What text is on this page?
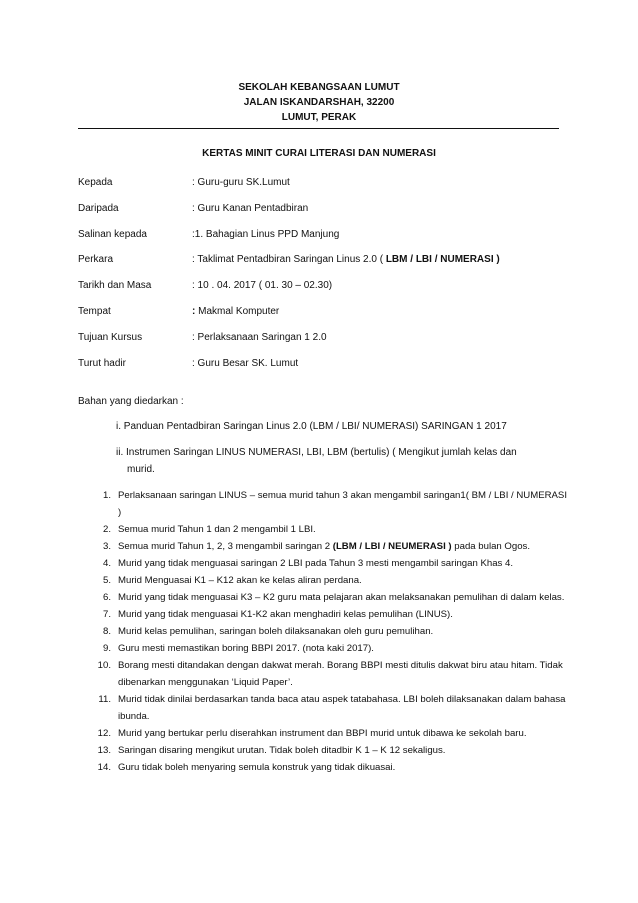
SEKOLAH KEBANGSAAN LUMUT
JALAN ISKANDARSHAH, 32200
LUMUT, PERAK
KERTAS MINIT CURAI LITERASI DAN NUMERASI
Kepada	: Guru-guru SK.Lumut
Daripada	: Guru Kanan Pentadbiran
Salinan kepada	:1. Bahagian Linus PPD Manjung
Perkara	: Taklimat Pentadbiran Saringan Linus 2.0 ( LBM / LBI / NUMERASI )
Tarikh dan Masa	: 10 . 04. 2017 ( 01. 30 – 02.30)
Tempat	: Makmal Komputer
Tujuan Kursus	: Perlaksanaan Saringan 1 2.0
Turut hadir	: Guru Besar SK. Lumut
Bahan yang diedarkan :
i. Panduan Pentadbiran Saringan Linus 2.0 (LBM / LBI/ NUMERASI) SARINGAN 1 2017
ii. Instrumen Saringan LINUS NUMERASI, LBI, LBM (bertulis) ( Mengikut jumlah kelas dan
murid.
1. Perlaksanaan saringan LINUS – semua murid tahun 3 akan mengambil saringan1( BM / LBI / NUMERASI )
2. Semua murid Tahun 1 dan 2 mengambil 1 LBI.
3. Semua murid Tahun 1, 2, 3 mengambil saringan 2 (LBM / LBI / NEUMERASI ) pada bulan Ogos.
4. Murid yang tidak menguasai saringan 2 LBI pada Tahun 3 mesti mengambil saringan Khas 4.
5. Murid Menguasai K1 – K12 akan ke kelas aliran perdana.
6. Murid yang tidak menguasai K3 – K2 guru mata pelajaran akan melaksanakan pemulihan di dalam kelas.
7. Murid yang tidak menguasai K1-K2 akan menghadiri kelas pemulihan (LINUS).
8. Murid kelas pemulihan, saringan boleh dilaksanakan oleh guru pemulihan.
9. Guru mesti memastikan boring BBPI 2017. (nota kaki 2017).
10. Borang mesti ditandakan dengan dakwat merah. Borang BBPI mesti ditulis dakwat biru atau hitam. Tidak dibenarkan menggunakan ‘Liquid Paper’.
11. Murid tidak dinilai berdasarkan tanda baca atau aspek tatabahasa. LBI boleh dilaksanakan dalam bahasa ibunda.
12. Murid yang bertukar perlu diserahkan instrument dan BBPI murid untuk dibawa ke sekolah baru.
13. Saringan disaring mengikut urutan. Tidak boleh ditadbir K 1 – K 12 sekaligus.
14. Guru tidak boleh menyaring semula konstruk yang tidak dikuasai.
